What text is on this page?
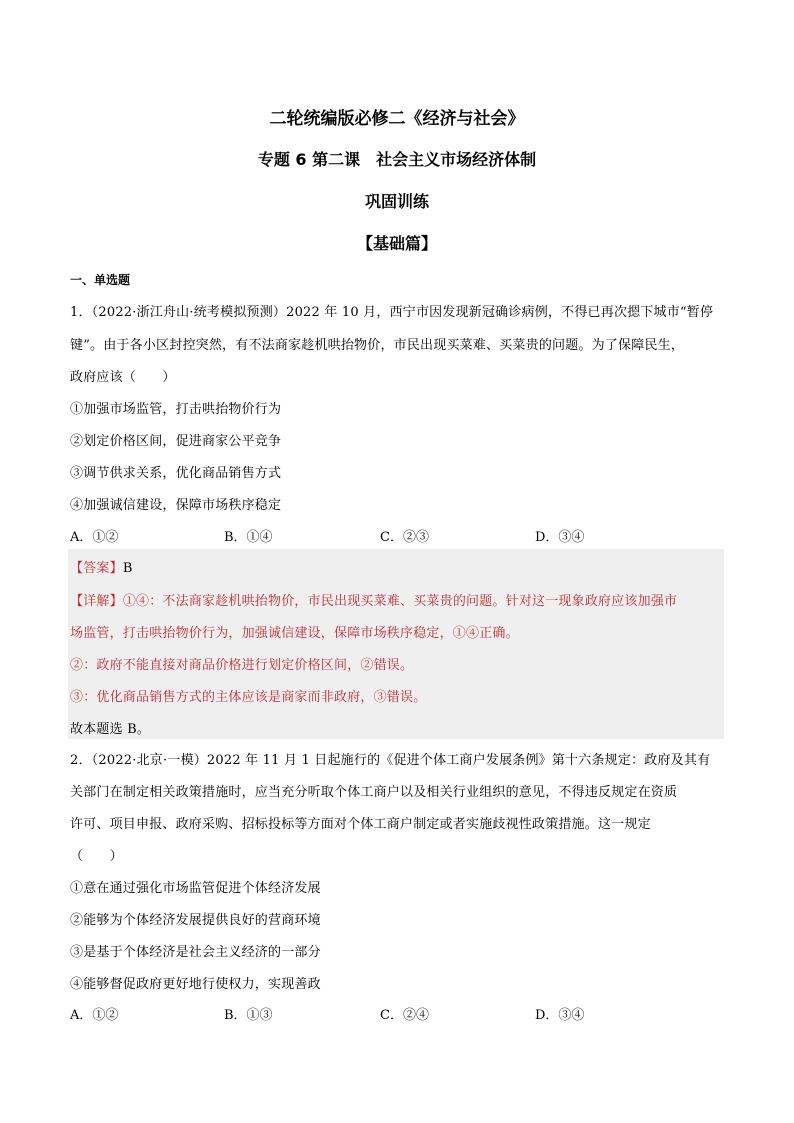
二轮统编版必修二《经济与社会》
专题 6 第二课　社会主义市场经济体制
巩固训练
【基础篇】
一、单选题
1．（2022·浙江舟山·统考模拟预测）2022 年 10 月，西宁市因发现新冠确诊病例，不得已再次摁下城市“暂停
键”。由于各小区封控突然，有不法商家趁机哄抬物价，市民出现买菜难、买菜贵的问题。为了保障民生，
政府应该（　　）
①加强市场监管，打击哄抬物价行为
②划定价格区间，促进商家公平竞争
③调节供求关系，优化商品销售方式
④加强诚信建设，保障市场秩序稳定
A．①②	B．①④	C．②③	D．③④
【答案】B
【详解】①④：不法商家趁机哄抬物价，市民出现买菜难、买菜贵的问题。针对这一现象政府应该加强市
场监管，打击哄抬物价行为，加强诚信建设，保障市场秩序稳定，①④正确。
②：政府不能直接对商品价格进行划定价格区间，②错误。
③：优化商品销售方式的主体应该是商家而非政府，③错误。
故本题选 B。
2．（2022·北京·一模）2022 年 11 月 1 日起施行的《促进个体工商户发展条例》第十六条规定：政府及其有
关部门在制定相关政策措施时，应当充分听取个体工商户以及相关行业组织的意见，不得违反规定在资质
许可、项目申报、政府采购、招标投标等方面对个体工商户制定或者实施歧视性政策措施。这一规定
（　　）
①意在通过强化市场监管促进个体经济发展
②能够为个体经济发展提供良好的营商环境
③是基于个体经济是社会主义经济的一部分
④能够督促政府更好地行使权力，实现善政
A．①②	B．①③	C．②④	D．③④
